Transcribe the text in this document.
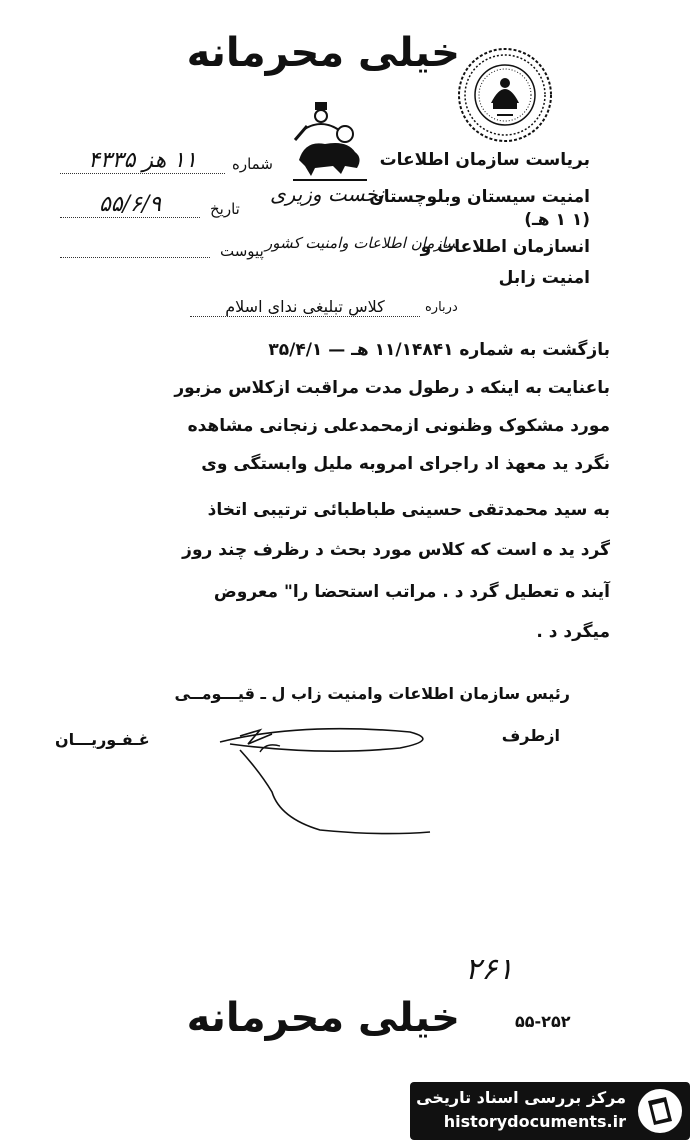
خیلی محرمانه
بریاست سازمان اطلاعات
امنیت سیستان وبلوچستان
نخست وزیری
(۱ ۱ هـ)
انسازمان اطلاعات و
سازمان اطلاعات وامنیت کشور
امنیت زابل
شماره
۱۱ هز ۴۳۳۵
تاریخ
۵۵/۶/۹
پیوست
درباره
کلاس تبلیغی ندای اسلام
بازگشت به شماره ۱۱/۱۴۸۴۱ هـ — ۳۵/۴/۱
باعنایت به اینکه د رطول مدت مراقبت ازکلاس مزبور
مورد مشکوک وظنونی ازمحمدعلی زنجانی مشاهده
نگرد ید معهذ اد راجرای امروبه ملیل وابستگی وی
به سید محمدتقی حسینی طباطبائی ترتیبی اتخاذ
گرد ید ه است که کلاس مورد بحث د رظرف چند روز
آیند ه تعطیل گرد د . مراتب استحضا را" معروض
میگرد د .
رئیس سازمان اطلاعات وامنیت زاب ل ـ قیـــومــی
ازطرف
غـفـوریـــان
۲۶۱
۵۵-۲۵۲
خیلی محرمانه
مرکز بررسی اسناد تاریخی
historydocuments.ir
